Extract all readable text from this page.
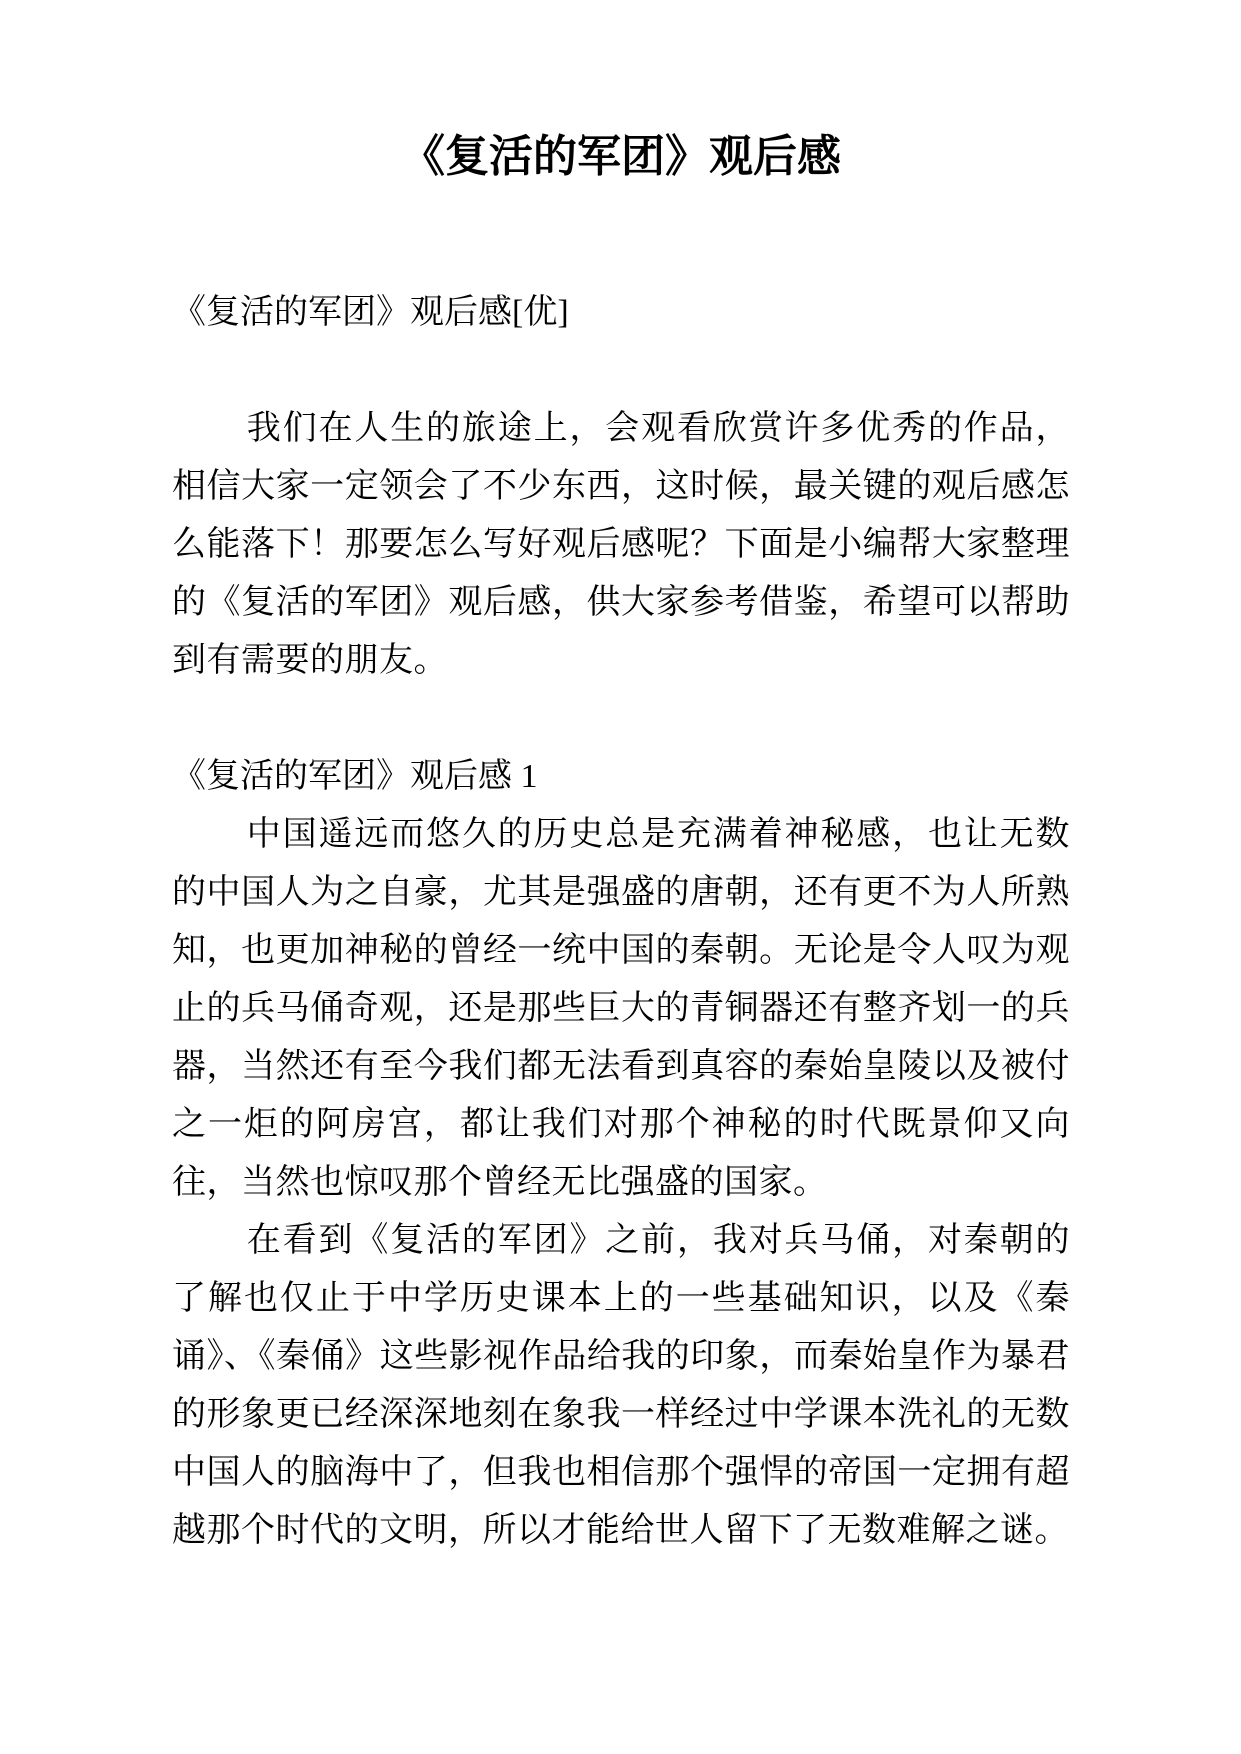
《复活的军团》观后感

《复活的军团》观后感[优]

我们在人生的旅途上，会观看欣赏许多优秀的作品，相信大家一定领会了不少东西，这时候，最关键的观后感怎么能落下！那要怎么写好观后感呢？下面是小编帮大家整理的《复活的军团》观后感，供大家参考借鉴，希望可以帮助到有需要的朋友。

《复活的军团》观后感 1

中国遥远而悠久的历史总是充满着神秘感，也让无数的中国人为之自豪，尤其是强盛的唐朝，还有更不为人所熟知，也更加神秘的曾经一统中国的秦朝。无论是令人叹为观止的兵马俑奇观，还是那些巨大的青铜器还有整齐划一的兵器，当然还有至今我们都无法看到真容的秦始皇陵以及被付之一炬的阿房宫，都让我们对那个神秘的时代既景仰又向往，当然也惊叹那个曾经无比强盛的国家。

在看到《复活的军团》之前，我对兵马俑，对秦朝的了解也仅止于中学历史课本上的一些基础知识，以及《秦诵》、《秦俑》这些影视作品给我的印象，而秦始皇作为暴君的形象更已经深深地刻在象我一样经过中学课本洗礼的无数中国人的脑海中了，但我也相信那个强悍的帝国一定拥有超越那个时代的文明，所以才能给世人留下了无数难解之谜。
